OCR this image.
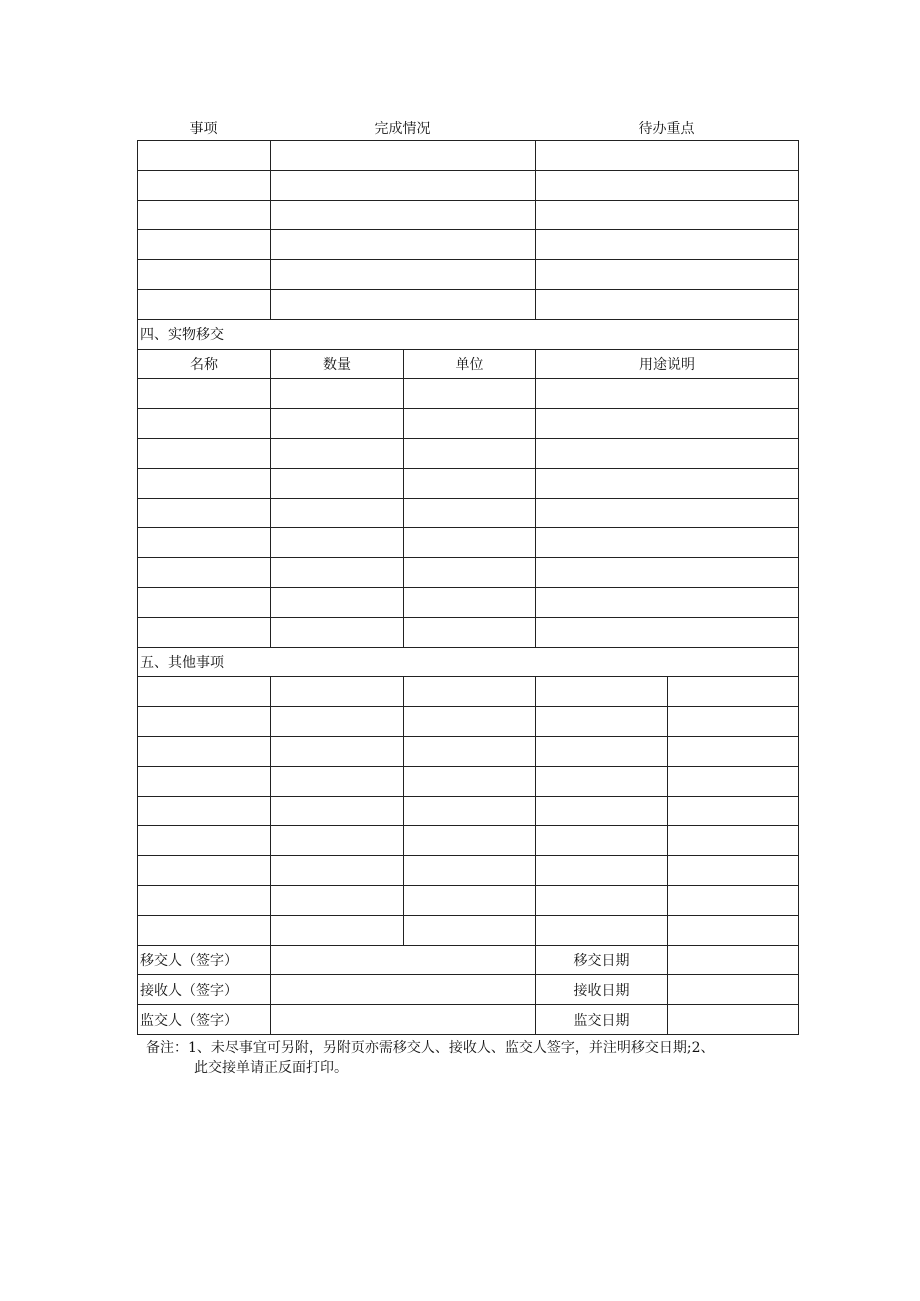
事项	完成情况	待办重点

四、实物移交				
名称	数量	单位	用途说明	

五、其他事项				

移交人（签字）			移交日期	
接收人（签字）			接收日期	
监交人（签字）			监交日期	
备注：1、未尽事宜可另附，另附页亦需移交人、接收人、监交人签字，并注明移交日期;2、
此交接单请正反面打印。
